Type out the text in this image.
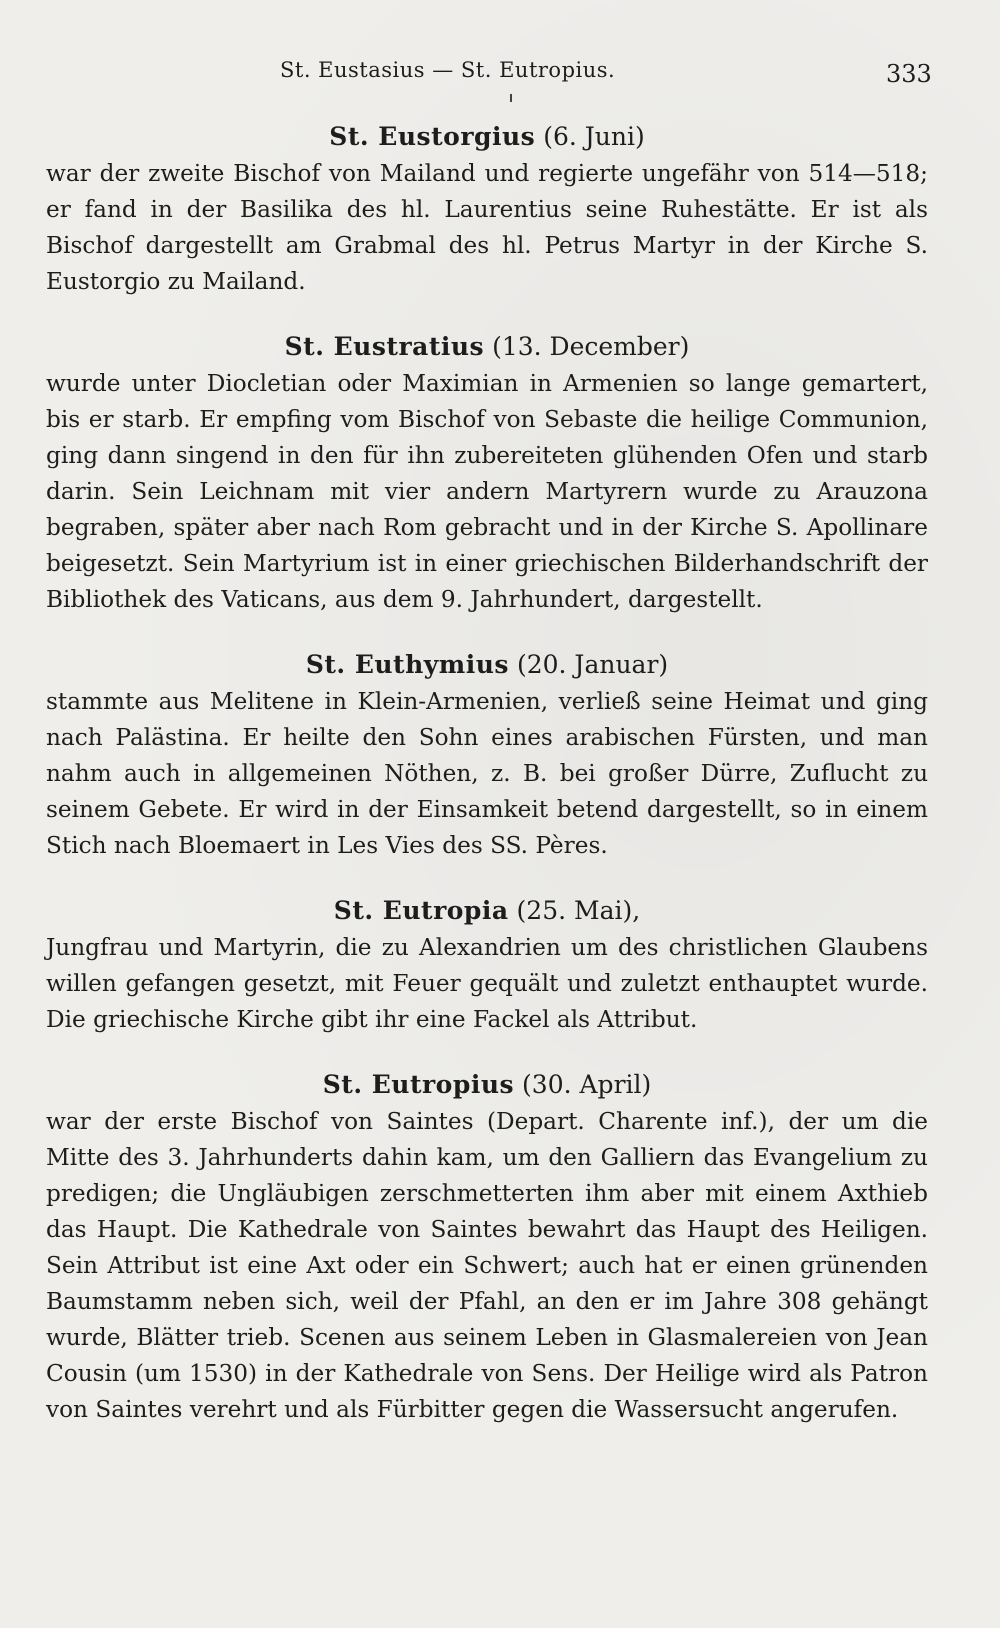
St. Eustasius — St. Eutropius.	333

St. Eustorgius (6. Juni)

war der zweite Bischof von Mailand und regierte ungefähr von 514—518; er fand in der Basilika des hl. Laurentius seine Ruhestätte. Er ist als Bischof dargestellt am Grabmal des hl. Petrus Martyr in der Kirche S. Eustorgio zu Mailand.

St. Eustratius (13. December)

wurde unter Diocletian oder Maximian in Armenien so lange gemartert, bis er starb. Er empfing vom Bischof von Sebaste die heilige Communion, ging dann singend in den für ihn zubereiteten glühenden Ofen und starb darin. Sein Leichnam mit vier andern Martyrern wurde zu Arauzona begraben, später aber nach Rom gebracht und in der Kirche S. Apollinare beigesetzt. Sein Martyrium ist in einer griechischen Bilderhandschrift der Bibliothek des Vaticans, aus dem 9. Jahrhundert, dargestellt.

St. Euthymius (20. Januar)

stammte aus Melitene in Klein-Armenien, verließ seine Heimat und ging nach Palästina. Er heilte den Sohn eines arabischen Fürsten, und man nahm auch in allgemeinen Nöthen, z. B. bei großer Dürre, Zuflucht zu seinem Gebete. Er wird in der Einsamkeit betend dargestellt, so in einem Stich nach Bloemaert in Les Vies des SS. Pères.

St. Eutropia (25. Mai),

Jungfrau und Martyrin, die zu Alexandrien um des christlichen Glaubens willen gefangen gesetzt, mit Feuer gequält und zuletzt enthauptet wurde. Die griechische Kirche gibt ihr eine Fackel als Attribut.

St. Eutropius (30. April)

war der erste Bischof von Saintes (Depart. Charente inf.), der um die Mitte des 3. Jahrhunderts dahin kam, um den Galliern das Evangelium zu predigen; die Ungläubigen zerschmetterten ihm aber mit einem Axthieb das Haupt. Die Kathedrale von Saintes bewahrt das Haupt des Heiligen. Sein Attribut ist eine Axt oder ein Schwert; auch hat er einen grünenden Baumstamm neben sich, weil der Pfahl, an den er im Jahre 308 gehängt wurde, Blätter trieb. Scenen aus seinem Leben in Glasmalereien von Jean Cousin (um 1530) in der Kathedrale von Sens. Der Heilige wird als Patron von Saintes verehrt und als Fürbitter gegen die Wassersucht angerufen.
